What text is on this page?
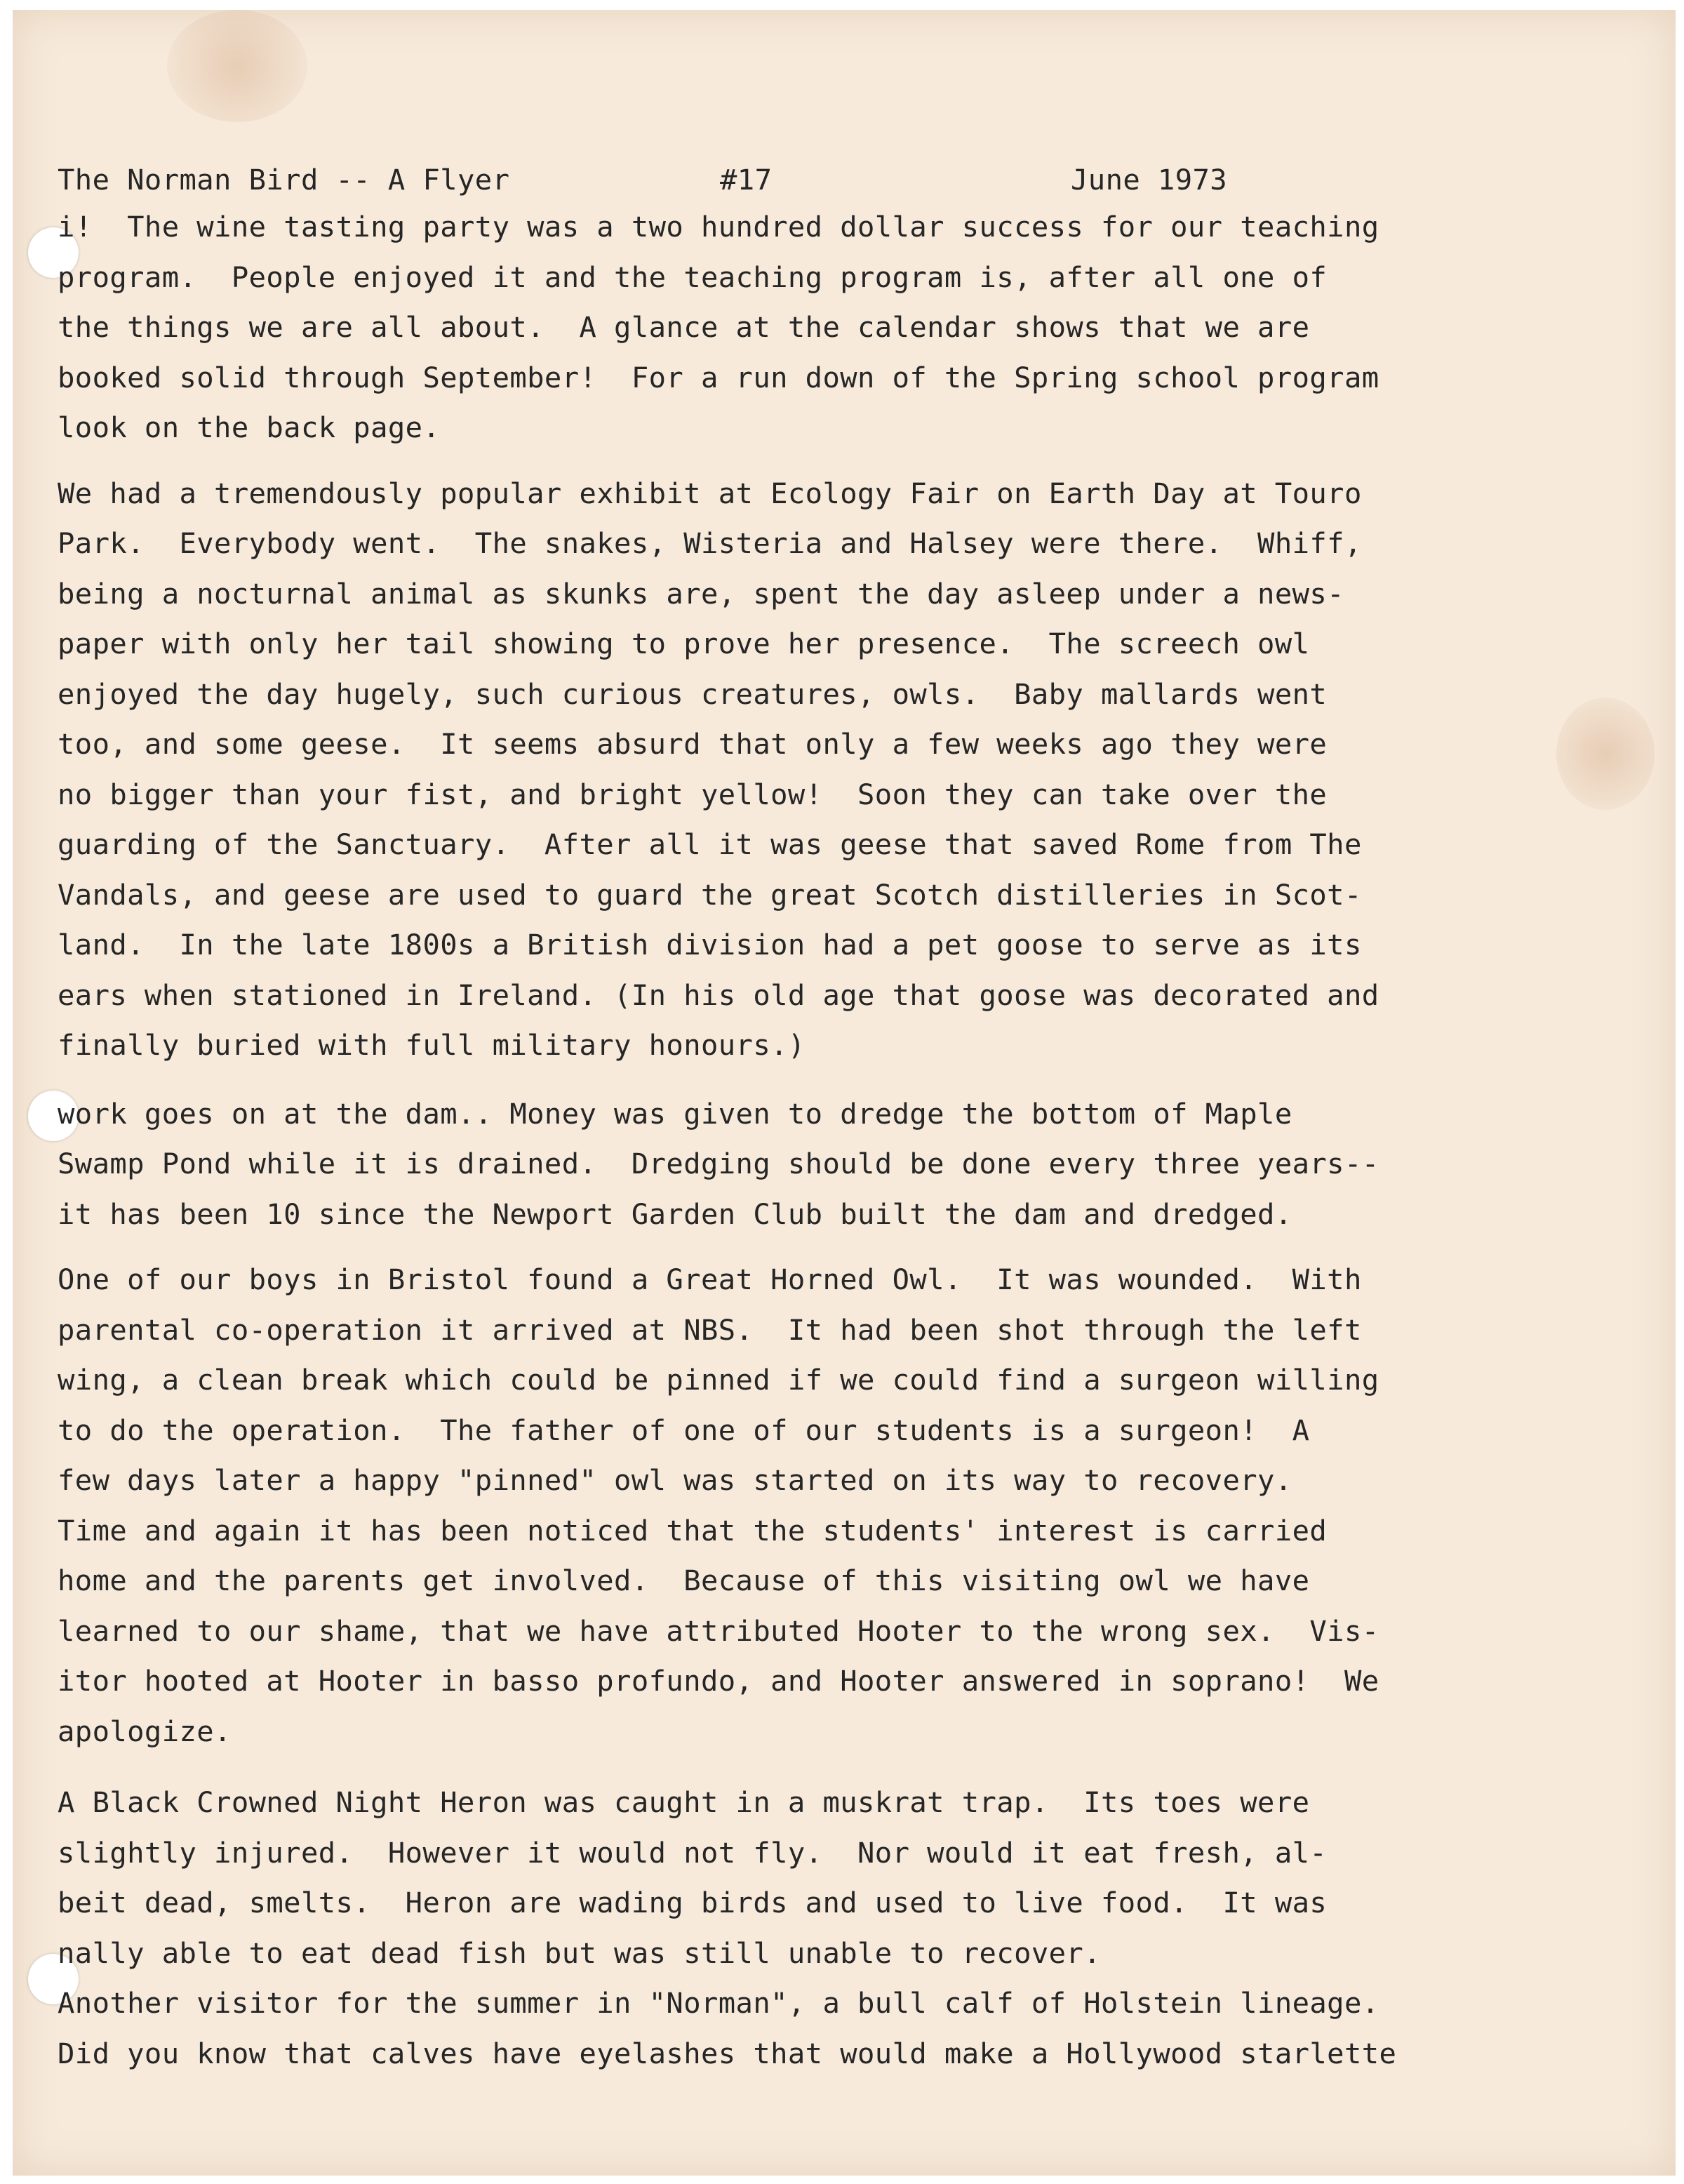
The Norman Bird -- A Flyer	#17	June 1973
i!  The wine tasting party was a two hundred dollar success for our teaching
program.  People enjoyed it and the teaching program is, after all one of
the things we are all about.  A glance at the calendar shows that we are
booked solid through September!  For a run down of the Spring school program
look on the back page.
We had a tremendously popular exhibit at Ecology Fair on Earth Day at Touro
Park.  Everybody went.  The snakes, Wisteria and Halsey were there.  Whiff,
being a nocturnal animal as skunks are, spent the day asleep under a news-
paper with only her tail showing to prove her presence.  The screech owl
enjoyed the day hugely, such curious creatures, owls.  Baby mallards went
too, and some geese.  It seems absurd that only a few weeks ago they were
no bigger than your fist, and bright yellow!  Soon they can take over the
guarding of the Sanctuary.  After all it was geese that saved Rome from The
Vandals, and geese are used to guard the great Scotch distilleries in Scot-
land.  In the late 1800s a British division had a pet goose to serve as its
ears when stationed in Ireland. (In his old age that goose was decorated and
finally buried with full military honours.)
work goes on at the dam.. Money was given to dredge the bottom of Maple
Swamp Pond while it is drained.  Dredging should be done every three years--
it has been 10 since the Newport Garden Club built the dam and dredged.
One of our boys in Bristol found a Great Horned Owl.  It was wounded.  With
parental co-operation it arrived at NBS.  It had been shot through the left
wing, a clean break which could be pinned if we could find a surgeon willing
to do the operation.  The father of one of our students is a surgeon!  A
few days later a happy "pinned" owl was started on its way to recovery.
Time and again it has been noticed that the students' interest is carried
home and the parents get involved.  Because of this visiting owl we have
learned to our shame, that we have attributed Hooter to the wrong sex.  Vis-
itor hooted at Hooter in basso profundo, and Hooter answered in soprano!  We
apologize.
A Black Crowned Night Heron was caught in a muskrat trap.  Its toes were
slightly injured.  However it would not fly.  Nor would it eat fresh, al-
beit dead, smelts.  Heron are wading birds and used to live food.  It was
nally able to eat dead fish but was still unable to recover.
Another visitor for the summer in "Norman", a bull calf of Holstein lineage.
Did you know that calves have eyelashes that would make a Hollywood starlette
